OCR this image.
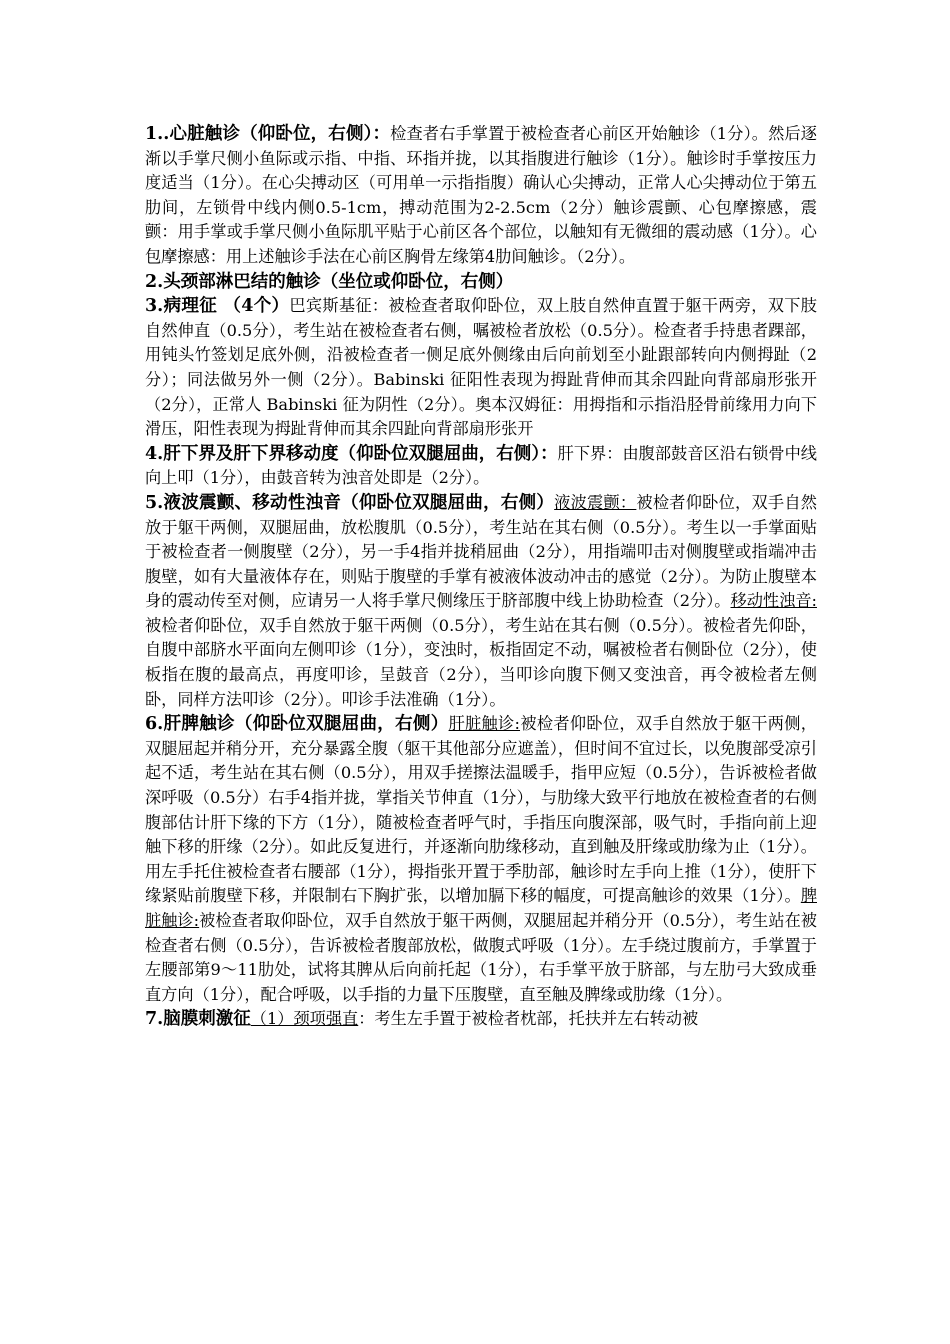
1..心脏触诊（仰卧位，右侧）：检查者右手掌置于被检查者心前区开始触诊（1分）。然后逐渐以手掌尺侧小鱼际或示指、中指、环指并拢，以其指腹进行触诊（1分）。触诊时手掌按压力度适当（1分）。在心尖搏动区（可用单一示指指腹）确认心尖搏动，正常人心尖搏动位于第五肋间，左锁骨中线内侧0.5-1cm，搏动范围为2-2.5cm（2分）触诊震颤、心包摩擦感，震颤：用手掌或手掌尺侧小鱼际肌平贴于心前区各个部位，以触知有无微细的震动感（1分）。心包摩擦感：用上述触诊手法在心前区胸骨左缘第4肋间触诊。（2分）。

2.头颈部淋巴结的触诊（坐位或仰卧位，右侧）

3.病理征 （4个）巴宾斯基征：被检查者取仰卧位，双上肢自然伸直置于躯干两旁，双下肢自然伸直（0.5分），考生站在被检查者右侧，嘱被检者放松（0.5分）。检查者手持患者踝部，用钝头竹签划足底外侧，沿被检查者一侧足底外侧缘由后向前划至小趾跟部转向内侧拇趾（2分）；同法做另外一侧（2分）。Babinski 征阳性表现为拇趾背伸而其余四趾向背部扇形张开（2分），正常人 Babinski 征为阴性（2分）。奥本汉姆征：用拇指和示指沿胫骨前缘用力向下滑压，阳性表现为拇趾背伸而其余四趾向背部扇形张开

4.肝下界及肝下界移动度（仰卧位双腿屈曲，右侧）：肝下界：由腹部鼓音区沿右锁骨中线向上叩（1分），由鼓音转为浊音处即是（2分）。

5.液波震颤、移动性浊音（仰卧位双腿屈曲，右侧）液波震颤：被检者仰卧位，双手自然放于躯干两侧，双腿屈曲，放松腹肌（0.5分），考生站在其右侧（0.5分）。考生以一手掌面贴于被检查者一侧腹壁（2分），另一手4指并拢稍屈曲（2分），用指端叩击对侧腹壁或指端冲击腹壁，如有大量液体存在，则贴于腹壁的手掌有被液体波动冲击的感觉（2分）。为防止腹壁本身的震动传至对侧，应请另一人将手掌尺侧缘压于脐部腹中线上协助检查（2分）。移动性浊音:被检者仰卧位，双手自然放于躯干两侧（0.5分），考生站在其右侧（0.5分）。被检者先仰卧，自腹中部脐水平面向左侧叩诊（1分），变浊时，板指固定不动，嘱被检者右侧卧位（2分），使板指在腹的最高点，再度叩诊，呈鼓音（2分），当叩诊向腹下侧又变浊音，再令被检者左侧卧，同样方法叩诊（2分）。叩诊手法准确（1分）。

6.肝脾触诊（仰卧位双腿屈曲，右侧）肝脏触诊:被检者仰卧位，双手自然放于躯干两侧，双腿屈起并稍分开，充分暴露全腹（躯干其他部分应遮盖），但时间不宜过长，以免腹部受凉引起不适，考生站在其右侧（0.5分），用双手搓擦法温暖手，指甲应短（0.5分），告诉被检者做深呼吸（0.5分）右手4指并拢，掌指关节伸直（1分），与肋缘大致平行地放在被检查者的右侧腹部估计肝下缘的下方（1分），随被检查者呼气时，手指压向腹深部，吸气时，手指向前上迎触下移的肝缘（2分）。如此反复进行，并逐渐向肋缘移动，直到触及肝缘或肋缘为止（1分）。用左手托住被检查者右腰部（1分），拇指张开置于季肋部，触诊时左手向上推（1分），使肝下缘紧贴前腹壁下移，并限制右下胸扩张，以增加膈下移的幅度，可提高触诊的效果（1分）。脾脏触诊:被检查者取仰卧位，双手自然放于躯干两侧，双腿屈起并稍分开（0.5分），考生站在被检查者右侧（0.5分），告诉被检者腹部放松，做腹式呼吸（1分）。左手绕过腹前方，手掌置于左腰部第9～11肋处，试将其脾从后向前托起（1分），右手掌平放于脐部，与左肋弓大致成垂直方向（1分），配合呼吸，以手指的力量下压腹壁，直至触及脾缘或肋缘（1分）。

7.脑膜刺激征（1）颈项强直：考生左手置于被检者枕部，托扶并左右转动被
